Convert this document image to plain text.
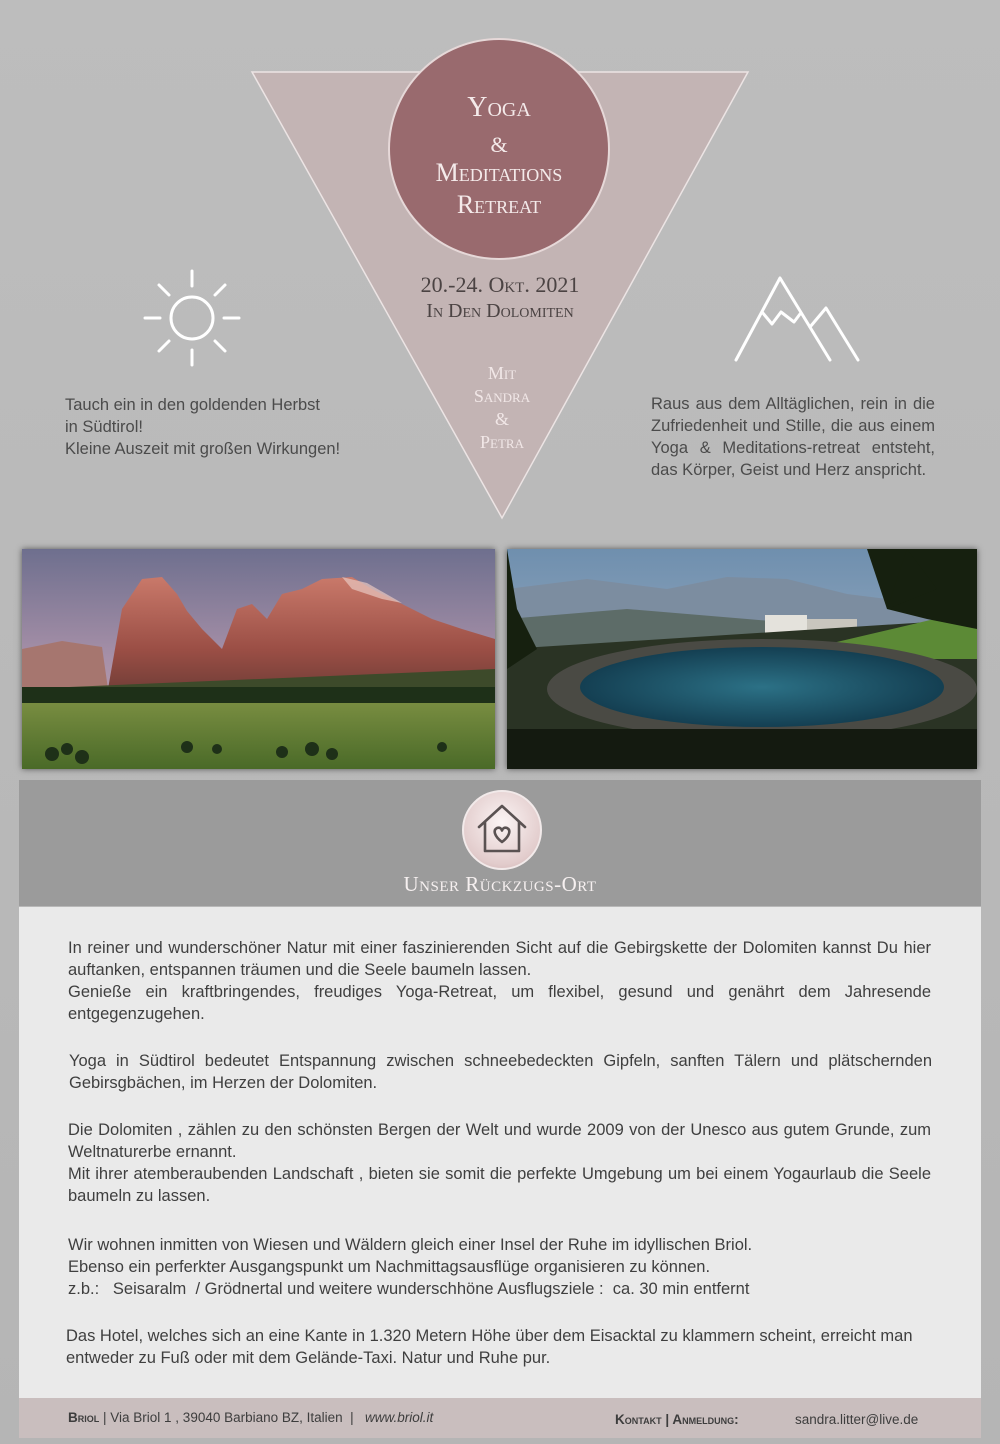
Yoga
&
Meditations
Retreat
20.-24. Okt. 2021
In Den Dolomiten
Mit
Sandra
&
Petra
Tauch ein in den goldenden Herbst
in Südtirol!
Kleine Auszeit mit großen Wirkungen!
Raus aus dem Alltäglichen, rein in die Zufriedenheit und Stille, die aus einem Yoga & Meditations-retreat entsteht, das Körper, Geist und Herz anspricht.
Unser Rückzugs-Ort
In reiner und wunderschöner Natur mit einer faszinierenden Sicht auf die Gebirgskette der Dolomiten kannst Du hier auftanken, entspannen träumen und die Seele baumeln lassen.
Genieße ein kraftbringendes, freudiges Yoga-Retreat, um flexibel, gesund und genährt dem Jahresende entgegenzugehen.
Yoga in Südtirol bedeutet Entspannung zwischen schneebedeckten Gipfeln, sanften Tälern und plätschernden Gebirsgbächen, im Herzen der Dolomiten.
Die Dolomiten , zählen zu den schönsten Bergen der Welt und wurde 2009 von der Unesco aus gutem Grunde, zum Weltnaturerbe ernannt.
Mit ihrer atemberaubenden Landschaft , bieten sie somit die perfekte Umgebung um bei einem Yogaurlaub die Seele baumeln zu lassen.
Wir wohnen inmitten von Wiesen und Wäldern gleich einer Insel der Ruhe im idyllischen Briol.
Ebenso ein perferkter Ausgangspunkt um Nachmittagsausflüge organisieren zu können.
z.b.:   Seisaralm  / Grödnertal und weitere wunderschhöne Ausflugsziele :  ca. 30 min entfernt
Das Hotel, welches sich an eine Kante in 1.320 Metern Höhe über dem Eisacktal zu klammern scheint, erreicht man entweder zu Fuß oder mit dem Gelände-Taxi. Natur und Ruhe pur.
Briol | Via Briol 1 , 39040 Barbiano BZ, Italien  |   www.briol.it	Kontakt | Anmeldung:	sandra.litter@live.de
